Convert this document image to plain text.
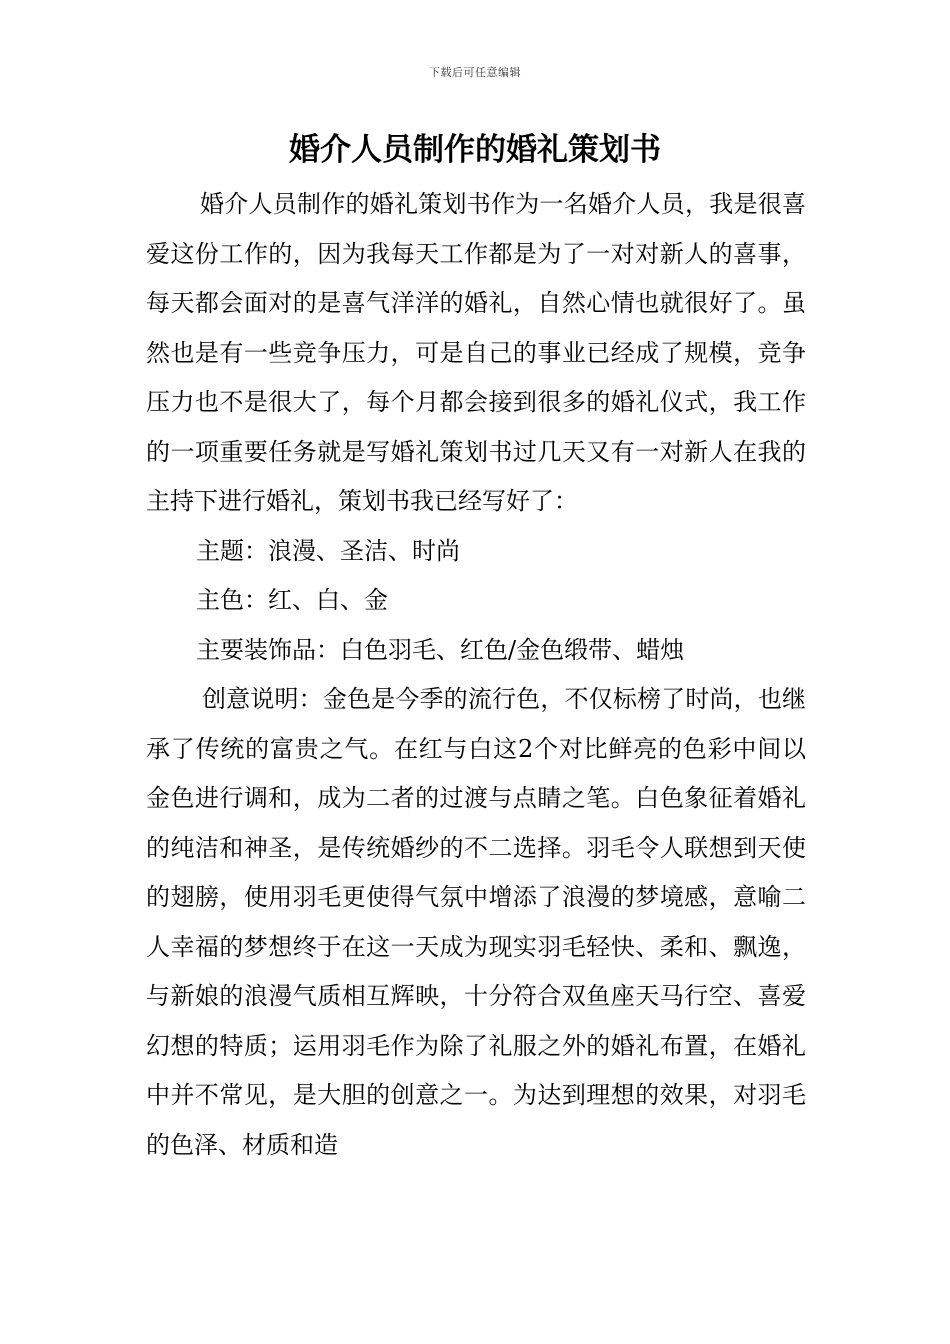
下载后可任意编辑
婚介人员制作的婚礼策划书

婚介人员制作的婚礼策划书作为一名婚介人员，我是很喜爱这份工作的，因为我每天工作都是为了一对对新人的喜事，每天都会面对的是喜气洋洋的婚礼，自然心情也就很好了。虽然也是有一些竞争压力，可是自己的事业已经成了规模，竞争压力也不是很大了，每个月都会接到很多的婚礼仪式，我工作的一项重要任务就是写婚礼策划书过几天又有一对新人在我的主持下进行婚礼，策划书我已经写好了：

主题：浪漫、圣洁、时尚

主色：红、白、金

主要装饰品：白色羽毛、红色/金色缎带、蜡烛

创意说明：金色是今季的流行色，不仅标榜了时尚，也继承了传统的富贵之气。在红与白这2个对比鲜亮的色彩中间以金色进行调和，成为二者的过渡与点睛之笔。白色象征着婚礼的纯洁和神圣，是传统婚纱的不二选择。羽毛令人联想到天使的翅膀，使用羽毛更使得气氛中增添了浪漫的梦境感，意喻二人幸福的梦想终于在这一天成为现实羽毛轻快、柔和、飘逸，与新娘的浪漫气质相互辉映，十分符合双鱼座天马行空、喜爱幻想的特质；运用羽毛作为除了礼服之外的婚礼布置，在婚礼中并不常见，是大胆的创意之一。为达到理想的效果，对羽毛的色泽、材质和造
